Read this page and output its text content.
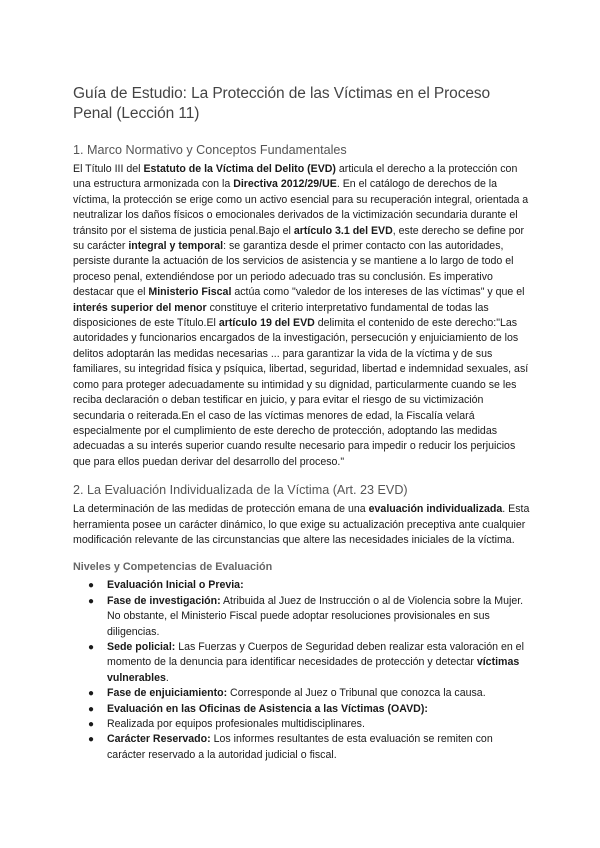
Guía de Estudio: La Protección de las Víctimas en el Proceso Penal (Lección 11)
1. Marco Normativo y Conceptos Fundamentales

El Título III del Estatuto de la Víctima del Delito (EVD) articula el derecho a la protección con una estructura armonizada con la Directiva 2012/29/UE. En el catálogo de derechos de la víctima, la protección se erige como un activo esencial para su recuperación integral, orientada a neutralizar los daños físicos o emocionales derivados de la victimización secundaria durante el tránsito por el sistema de justicia penal.Bajo el artículo 3.1 del EVD, este derecho se define por su carácter integral y temporal: se garantiza desde el primer contacto con las autoridades, persiste durante la actuación de los servicios de asistencia y se mantiene a lo largo de todo el proceso penal, extendiéndose por un periodo adecuado tras su conclusión. Es imperativo destacar que el Ministerio Fiscal actúa como "valedor de los intereses de las víctimas" y que el interés superior del menor constituye el criterio interpretativo fundamental de todas las disposiciones de este Título.El artículo 19 del EVD delimita el contenido de este derecho:"Las autoridades y funcionarios encargados de la investigación, persecución y enjuiciamiento de los delitos adoptarán las medidas necesarias ... para garantizar la vida de la víctima y de sus familiares, su integridad física y psíquica, libertad, seguridad, libertad e indemnidad sexuales, así como para proteger adecuadamente su intimidad y su dignidad, particularmente cuando se les reciba declaración o deban testificar en juicio, y para evitar el riesgo de su victimización secundaria o reiterada.En el caso de las víctimas menores de edad, la Fiscalía velará especialmente por el cumplimiento de este derecho de protección, adoptando las medidas adecuadas a su interés superior cuando resulte necesario para impedir o reducir los perjuicios que para ellos puedan derivar del desarrollo del proceso."

2. La Evaluación Individualizada de la Víctima (Art. 23 EVD)

La determinación de las medidas de protección emana de una evaluación individualizada. Esta herramienta posee un carácter dinámico, lo que exige su actualización preceptiva ante cualquier modificación relevante de las circunstancias que altere las necesidades iniciales de la víctima.

Niveles y Competencias de Evaluación
● Evaluación Inicial o Previa:
● Fase de investigación: Atribuida al Juez de Instrucción o al de Violencia sobre la Mujer. No obstante, el Ministerio Fiscal puede adoptar resoluciones provisionales en sus diligencias.
● Sede policial: Las Fuerzas y Cuerpos de Seguridad deben realizar esta valoración en el momento de la denuncia para identificar necesidades de protección y detectar víctimas vulnerables.
● Fase de enjuiciamiento: Corresponde al Juez o Tribunal que conozca la causa.
● Evaluación en las Oficinas de Asistencia a las Víctimas (OAVD):
● Realizada por equipos profesionales multidisciplinares.
● Carácter Reservado: Los informes resultantes de esta evaluación se remiten con carácter reservado a la autoridad judicial o fiscal.
